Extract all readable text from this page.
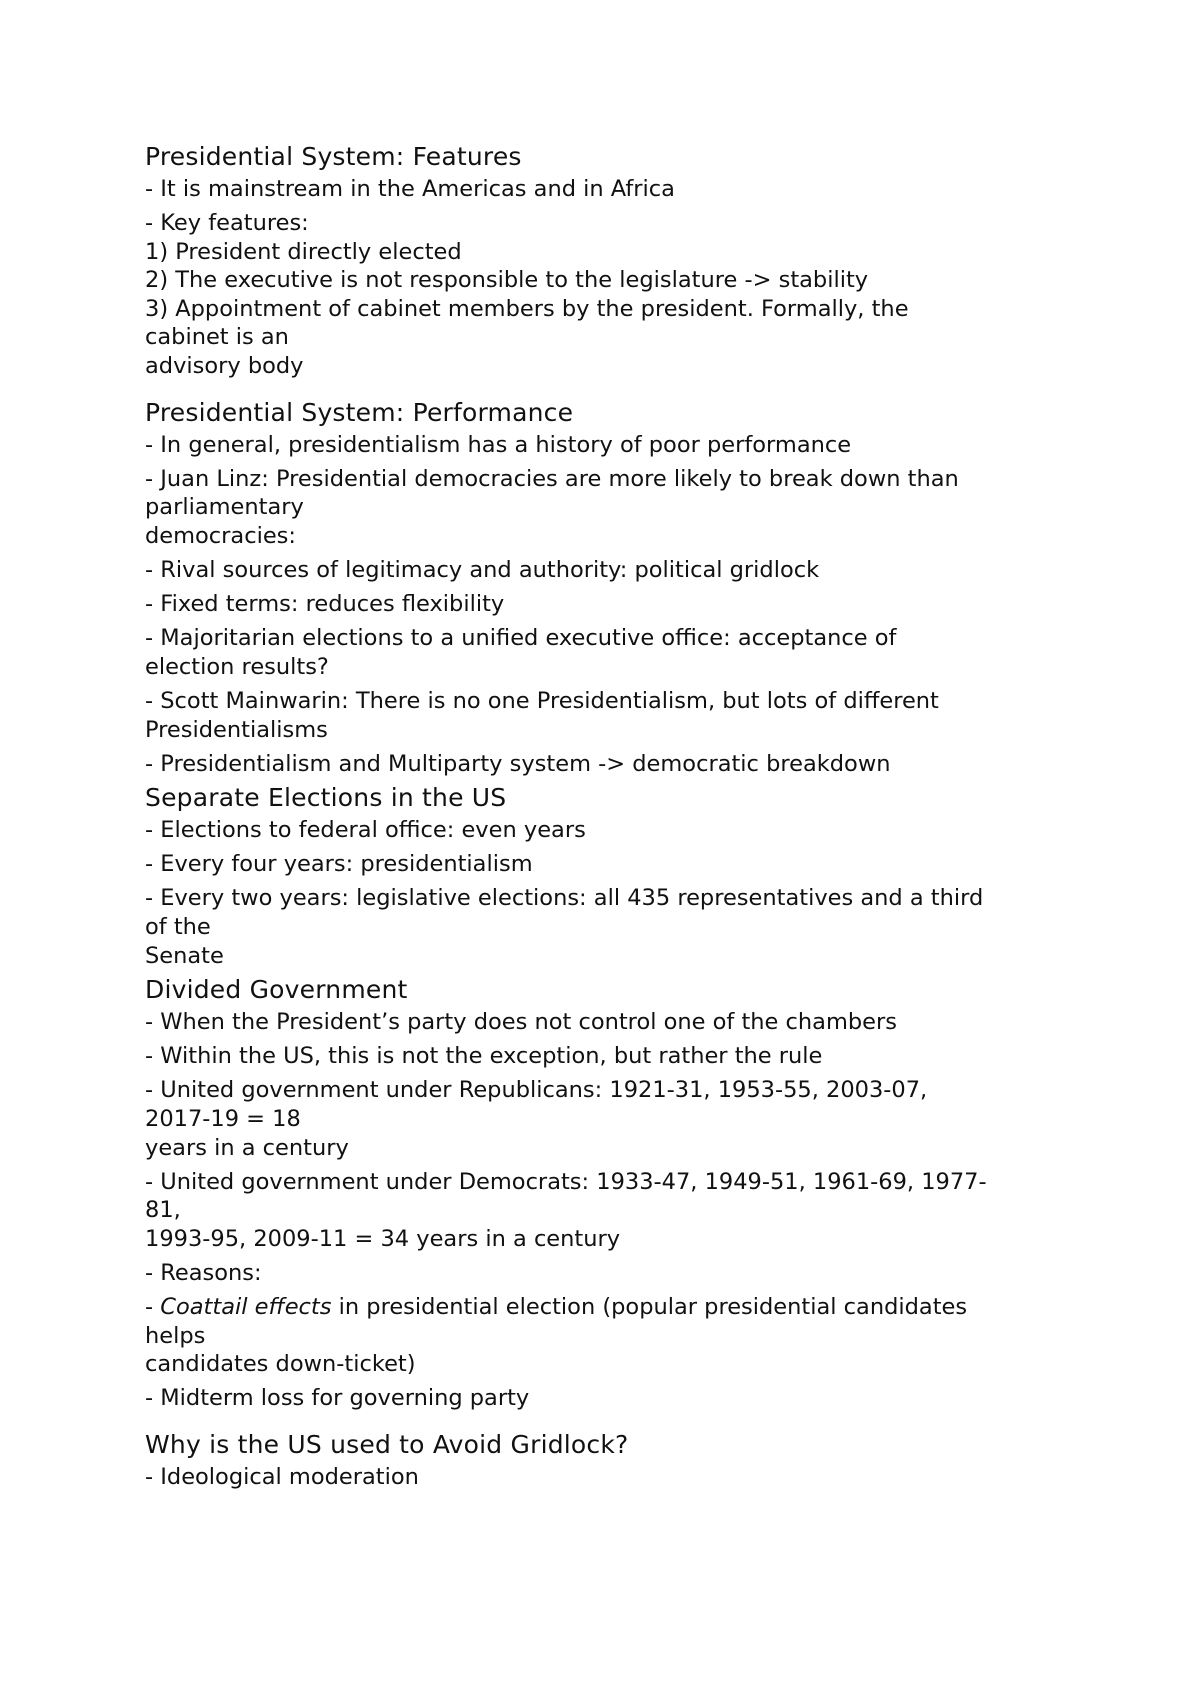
Presidential System: Features
- It is mainstream in the Americas and in Africa
- Key features:
1) President directly elected
2) The executive is not responsible to the legislature -> stability
3) Appointment of cabinet members by the president. Formally, the
cabinet is an
advisory body
Presidential System: Performance
- In general, presidentialism has a history of poor performance
- Juan Linz: Presidential democracies are more likely to break down than
parliamentary
democracies:
- Rival sources of legitimacy and authority: political gridlock
- Fixed terms: reduces flexibility
- Majoritarian elections to a unified executive office: acceptance of
election results?
- Scott Mainwarin: There is no one Presidentialism, but lots of different
Presidentialisms
- Presidentialism and Multiparty system -> democratic breakdown
Separate Elections in the US
- Elections to federal office: even years
- Every four years: presidentialism
- Every two years: legislative elections: all 435 representatives and a third
of the
Senate
Divided Government
- When the President’s party does not control one of the chambers
- Within the US, this is not the exception, but rather the rule
- United government under Republicans: 1921-31, 1953-55, 2003-07,
2017-19 = 18
years in a century
- United government under Democrats: 1933-47, 1949-51, 1961-69, 1977-
81,
1993-95, 2009-11 = 34 years in a century
- Reasons:
- Coattail effects in presidential election (popular presidential candidates
helps
candidates down-ticket)
- Midterm loss for governing party
Why is the US used to Avoid Gridlock?
- Ideological moderation
